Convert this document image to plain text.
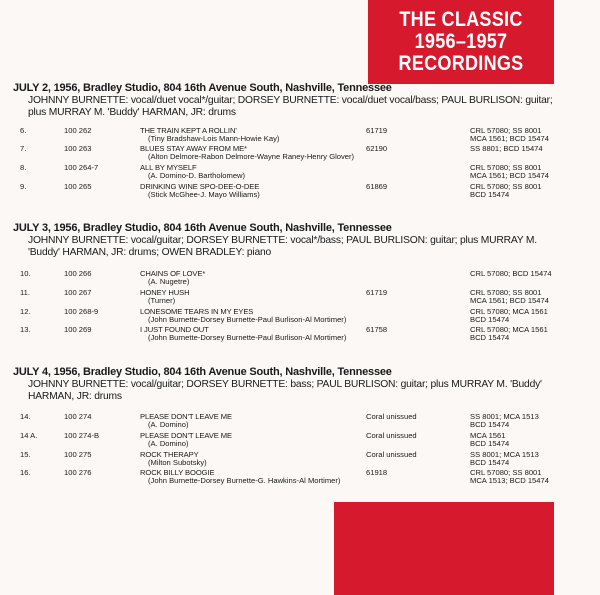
THE CLASSIC
1956–1957
RECORDINGS
JULY 2, 1956, Bradley Studio, 804 16th Avenue South, Nashville, Tennessee
JOHNNY BURNETTE: vocal/duet vocal*/guitar; DORSEY BURNETTE: vocal/duet vocal/bass; PAUL BURLISON: guitar; plus MURRAY M. 'Buddy' HARMAN, JR: drums
6.	100 262	THE TRAIN KEPT A ROLLIN'
(Tiny Bradshaw-Lois Mann-Howie Kay)
61719	CRL 57080; SS 8001
MCA 1561; BCD 15474
7.	100 263	BLUES STAY AWAY FROM ME*
(Alton Delmore-Rabon Delmore-Wayne Raney-Henry Glover)
62190	SS 8801; BCD 15474
8.	100 264-7	ALL BY MYSELF
(A. Domino-D. Bartholomew)
CRL 57080; SS 8001
MCA 1561; BCD 15474
9.	100 265	DRINKING WINE SPO-DEE-O-DEE
(Stick McGhee-J. Mayo Williams)
61869	CRL 57080; SS 8001
BCD 15474
JULY 3, 1956, Bradley Studio, 804 16th Avenue South, Nashville, Tennessee
JOHNNY BURNETTE: vocal/guitar; DORSEY BURNETTE: vocal*/bass; PAUL BURLISON: guitar; plus MURRAY M. 'Buddy' HARMAN, JR: drums; OWEN BRADLEY: piano
10.	100 266	CHAINS OF LOVE*
(A. Nugetre)
CRL 57080; BCD 15474
11.	100 267	HONEY HUSH
(Turner)
61719	CRL 57080; SS 8001
MCA 1561; BCD 15474
12.	100 268-9	LONESOME TEARS IN MY EYES
(John Burnette-Dorsey Burnette-Paul Burlison-Al Mortimer)
CRL 57080; MCA 1561
BCD 15474
13.	100 269	I JUST FOUND OUT
(John Burnette-Dorsey Burnette-Paul Burlison-Al Mortimer)
61758	CRL 57080; MCA 1561
BCD 15474
JULY 4, 1956, Bradley Studio, 804 16th Avenue South, Nashville, Tennessee
JOHNNY BURNETTE: vocal/guitar; DORSEY BURNETTE: bass; PAUL BURLISON: guitar; plus MURRAY M. 'Buddy' HARMAN, JR: drums
14.	100 274	PLEASE DON'T LEAVE ME
(A. Domino)
Coral unissued	SS 8001; MCA 1513
BCD 15474
14 A.	100 274-B	PLEASE DON'T LEAVE ME
(A. Domino)
Coral unissued	MCA 1561
BCD 15474
15.	100 275	ROCK THERAPY
(Milton Subotsky)
Coral unissued	SS 8001; MCA 1513
BCD 15474
16.	100 276	ROCK BILLY BOOGIE
(John Burnette-Dorsey Burnette-G. Hawkins-Al Mortimer)
61918	CRL 57080; SS 8001
MCA 1513; BCD 15474
